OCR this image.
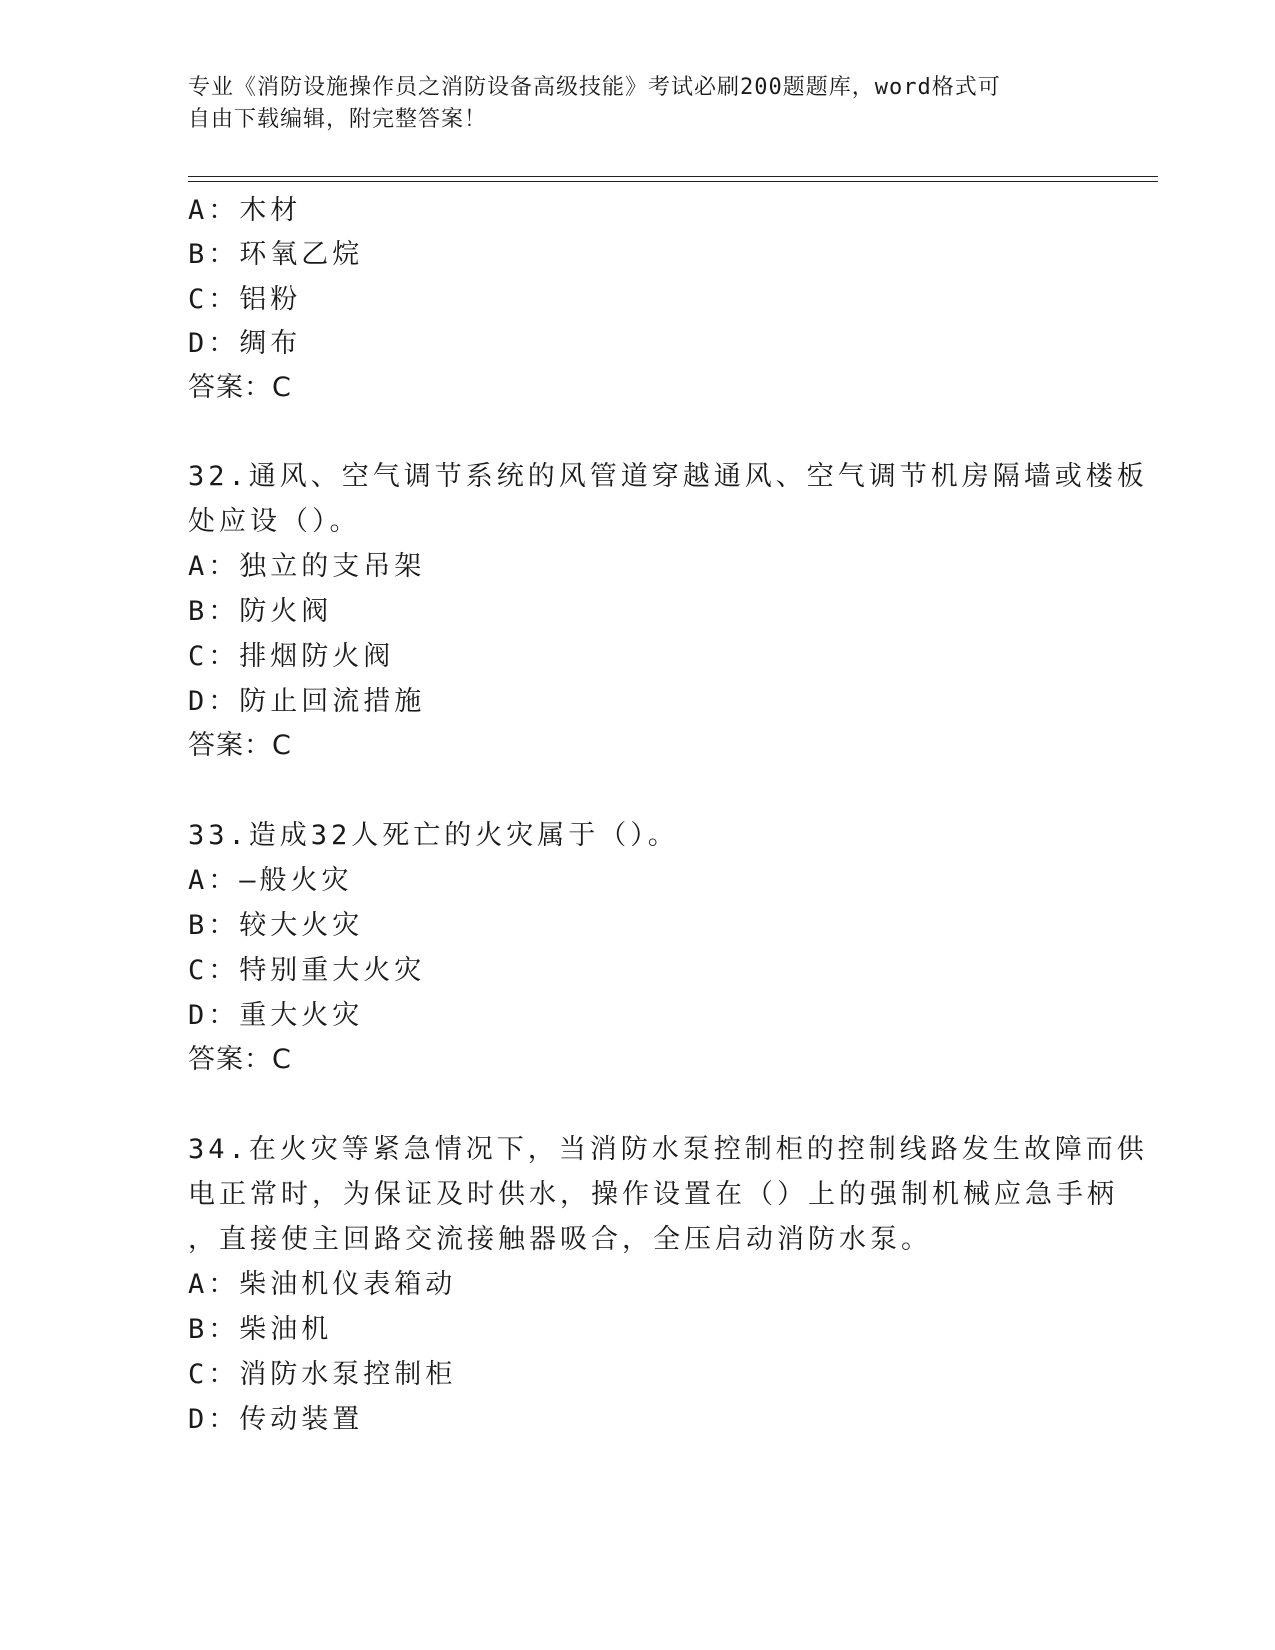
专业《消防设施操作员之消防设备高级技能》考试必刷200题题库，word格式可
自由下载编辑，附完整答案！
A：木材
B：环氧乙烷
C：铝粉
D：绸布
答案：C
32.通风、空气调节系统的风管道穿越通风、空气调节机房隔墙或楼板
处应设（）。
A：独立的支吊架
B：防火阀
C：排烟防火阀
D：防止回流措施
答案：C
33.造成32人死亡的火灾属于（）。
A：—般火灾
B：较大火灾
C：特别重大火灾
D：重大火灾
答案：C
34.在火灾等紧急情况下，当消防水泵控制柜的控制线路发生故障而供
电正常时，为保证及时供水，操作设置在（）上的强制机械应急手柄
，直接使主回路交流接触器吸合，全压启动消防水泵。
A：柴油机仪表箱动
B：柴油机
C：消防水泵控制柜
D：传动装置
